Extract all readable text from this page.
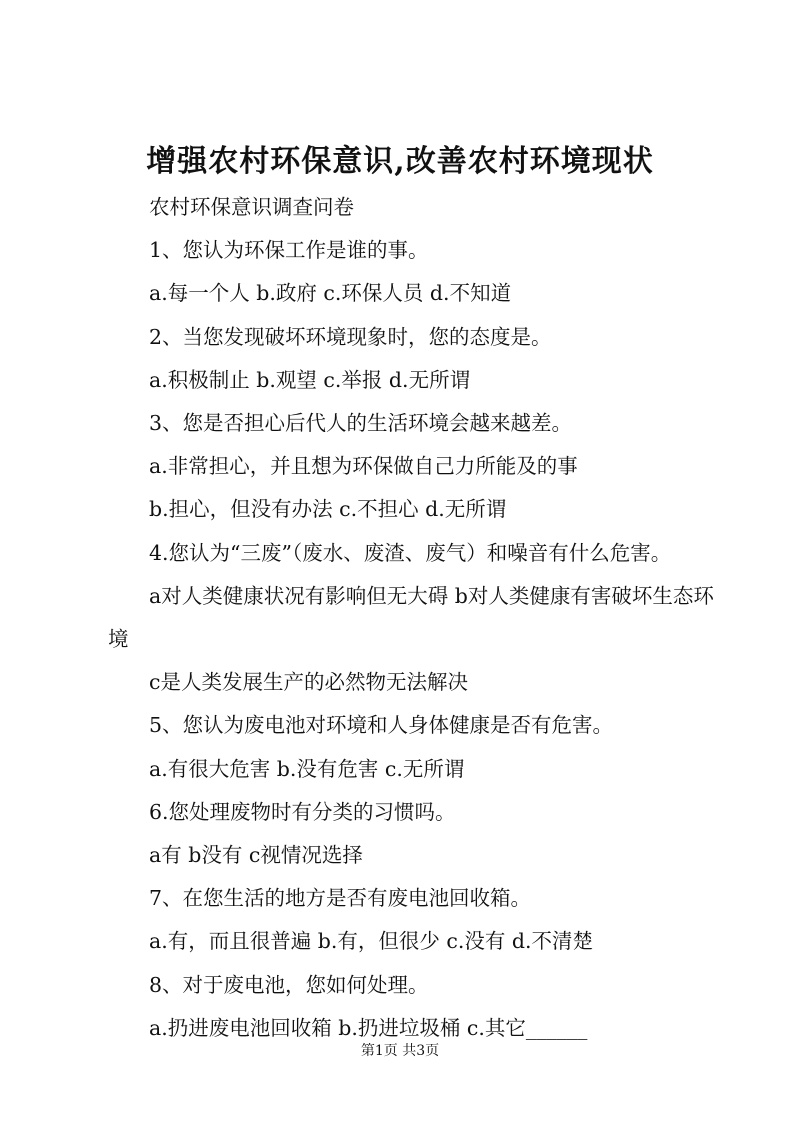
增强农村环保意识,改善农村环境现状

农村环保意识调查问卷

1、您认为环保工作是谁的事。

a.每一个人 b.政府 c.环保人员 d.不知道

2、当您发现破坏环境现象时，您的态度是。

a.积极制止 b.观望 c.举报 d.无所谓

3、您是否担心后代人的生活环境会越来越差。

a.非常担心，并且想为环保做自己力所能及的事

b.担心，但没有办法 c.不担心 d.无所谓

4.您认为“三废”（废水、废渣、废气）和噪音有什么危害。

a对人类健康状况有影响但无大碍 b对人类健康有害破坏生态环境

c是人类发展生产的必然物无法解决

5、您认为废电池对环境和人身体健康是否有危害。

a.有很大危害 b.没有危害 c.无所谓

6.您处理废物时有分类的习惯吗。

a有 b没有 c视情况选择

7、在您生活的地方是否有废电池回收箱。

a.有，而且很普遍 b.有，但很少 c.没有 d.不清楚

8、对于废电池，您如何处理。

a.扔进废电池回收箱 b.扔进垃圾桶 c.其它______

第1页 共3页
